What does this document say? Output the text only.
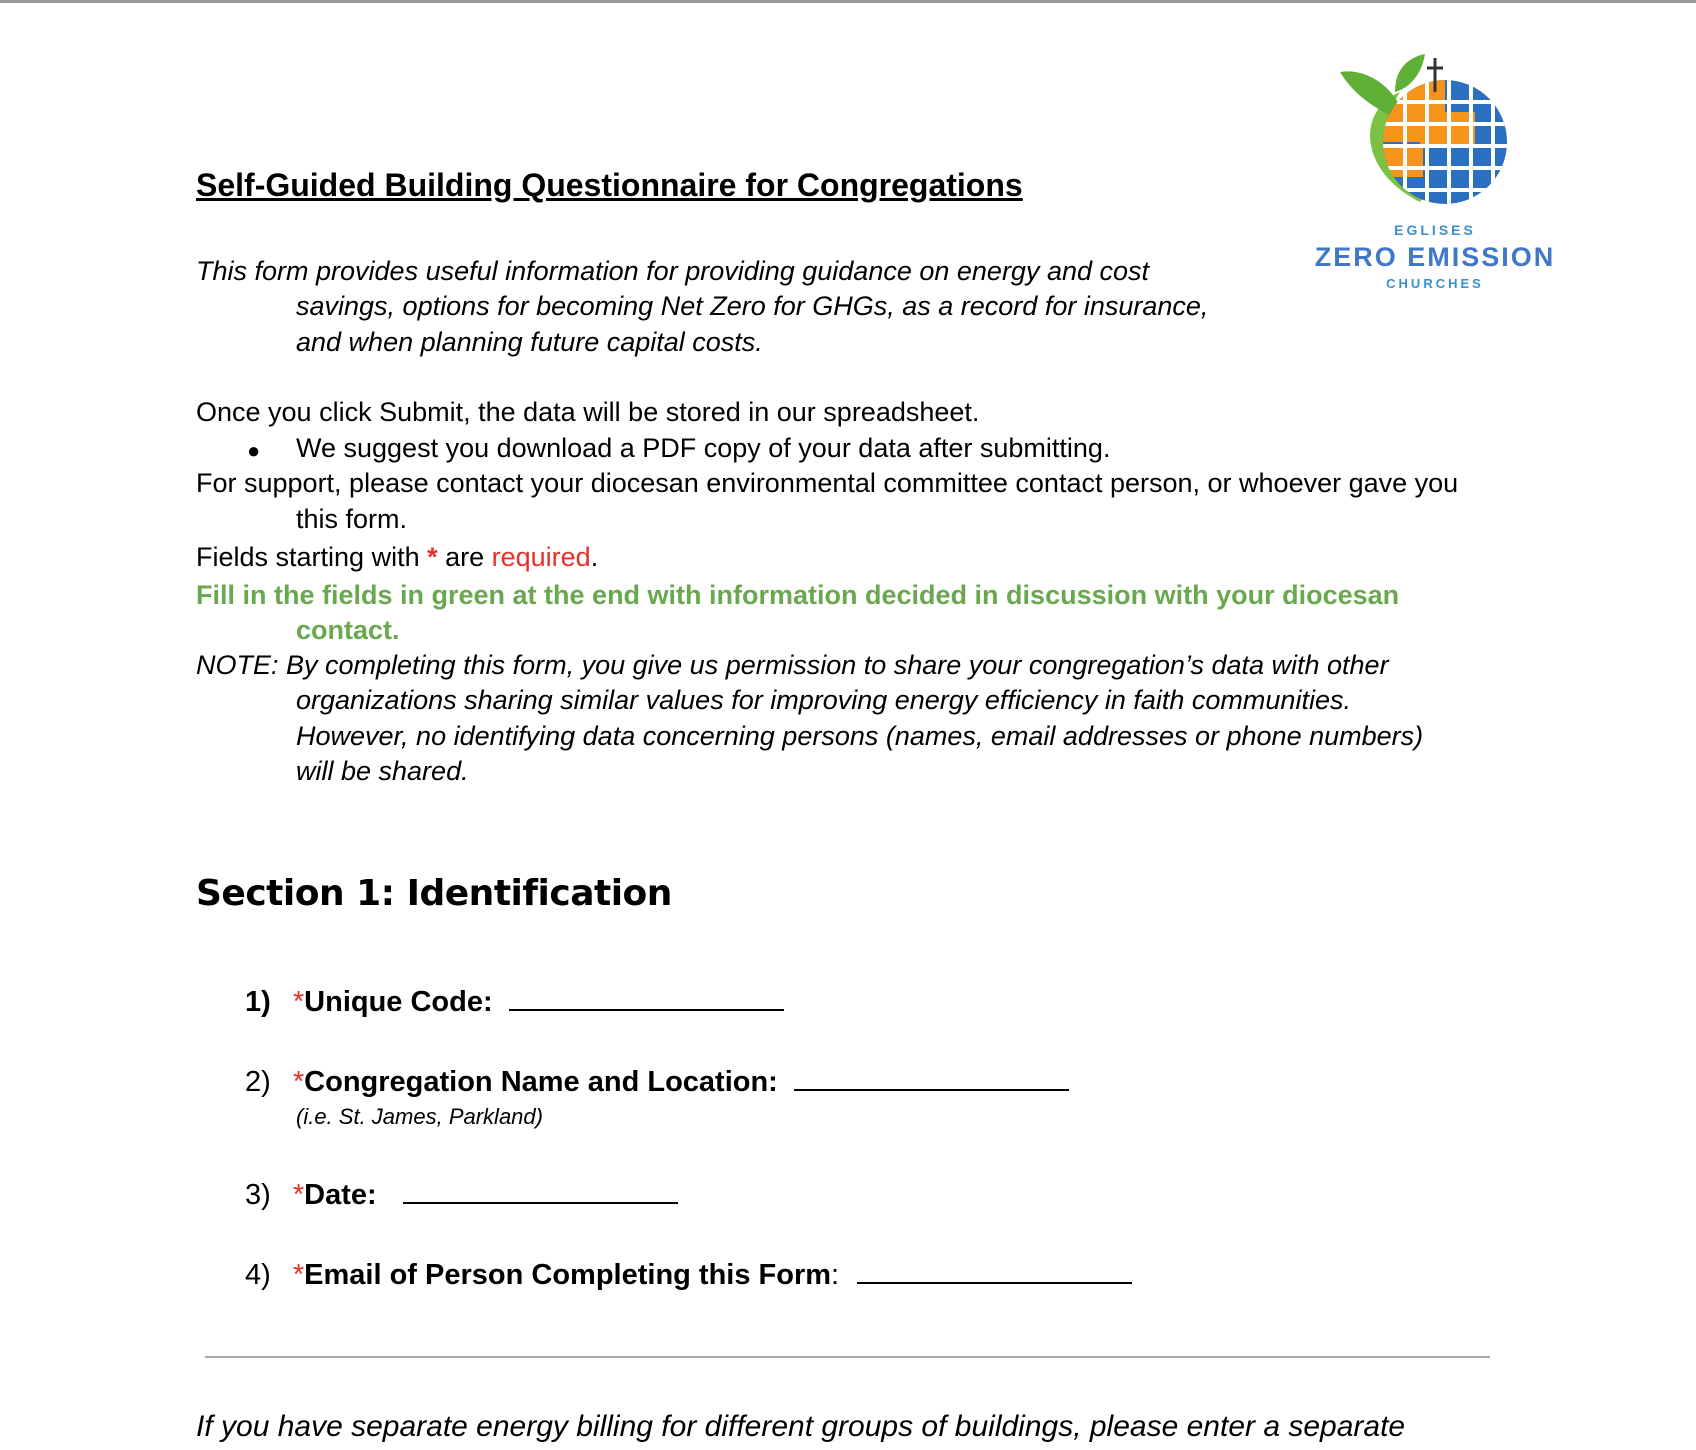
EGLISES
ZERO EMISSION
CHURCHES
Self-Guided Building Questionnaire for Congregations
This form provides useful information for providing guidance on energy and cost
savings, options for becoming Net Zero for GHGs, as a record for insurance,
and when planning future capital costs.
Once you click Submit, the data will be stored in our spreadsheet.
● We suggest you download a PDF copy of your data after submitting.
For support, please contact your diocesan environmental committee contact person, or whoever gave you
this form.
Fields starting with * are required.
Fill in the fields in green at the end with information decided in discussion with your diocesan
contact.
NOTE: By completing this form, you give us permission to share your congregation’s data with other
organizations sharing similar values for improving energy efficiency in faith communities.
However, no identifying data concerning persons (names, email addresses or phone numbers)
will be shared.
Section 1: Identification
1) *Unique Code:
2) *Congregation Name and Location:
(i.e. St. James, Parkland)
3) *Date:
4) *Email of Person Completing this Form:
If you have separate energy billing for different groups of buildings, please enter a separate
